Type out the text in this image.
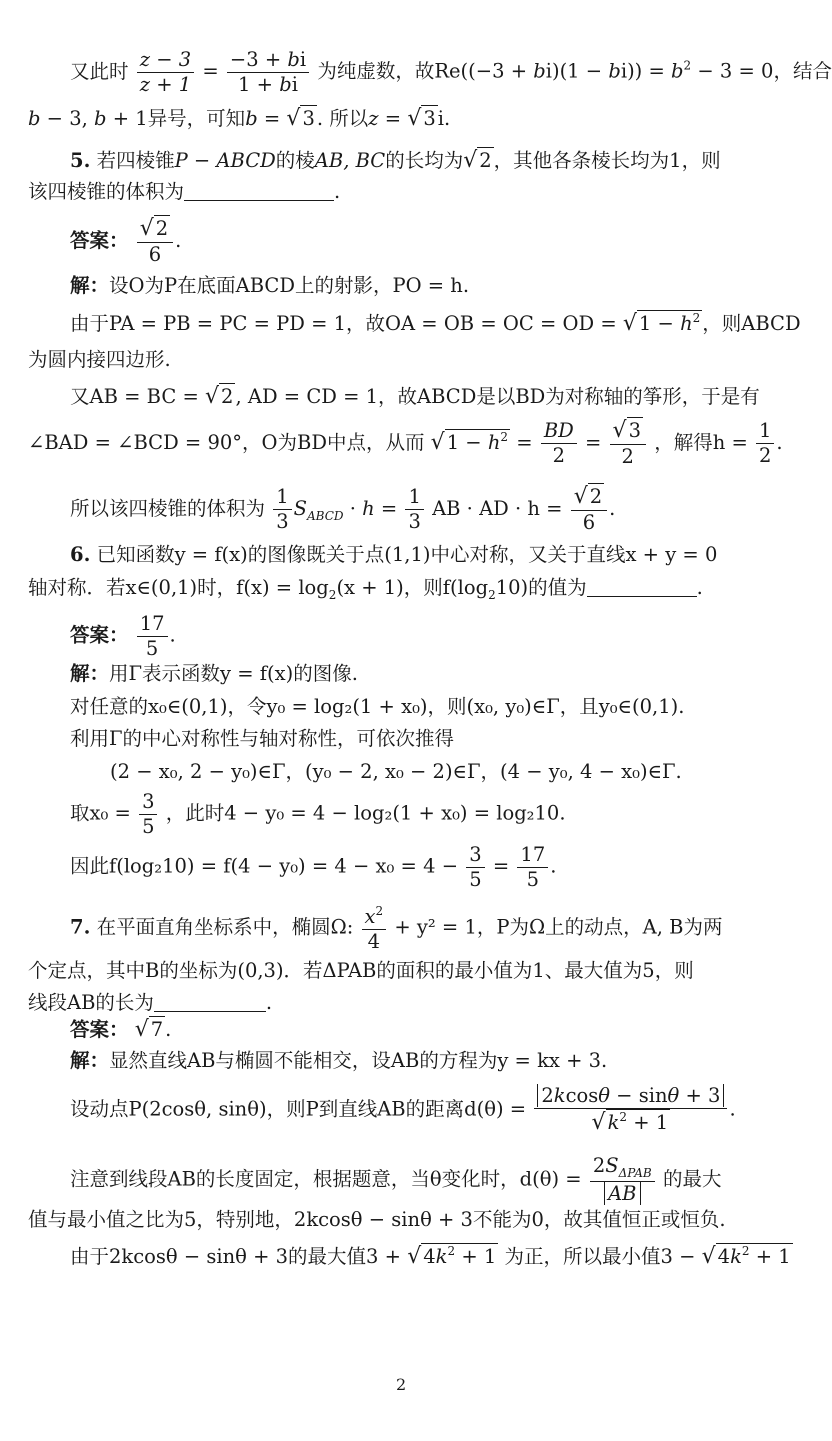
又此时 $\frac{z - 3}{z + 1} = \frac{-3 + bi}{1 + bi}$ 为纯虚数，故$Re((-3 + bi)(1 - bi)) = b^2 - 3 = 0$，结合
b − 3, b + 1异号，可知b = √ 3 . 所以z = √ 3 i.
5. 若四棱锥P − ABCD的棱AB, BC的长均为√ 2 ，其他各条棱长均为1，则
该四棱锥的体积为	.
答案： $\frac{√ 2}{6}$ .
解：设O为P在底面ABCD上的射影，PO = h.
由于PA = PB = PC = PD = 1，故OA = OB = OC = OD = √ $1 - h^2$ ，则ABCD
为圆内接四边形.
又AB = BC = √ 2 , AD = CD = 1，故ABCD是以BD为对称轴的筝形，于是有
∠BAD = ∠BCD = 90°，O为BD中点，从而 √ $1 - h^2 = \frac{BD}{2} = \frac{√ 3}{2}$ ，解得$h = \frac{1}{2}$ .
所以该四棱锥的体积为 $\frac{1}{3} S_{ABCD} \cdot h = \frac{1}{3}$ AB · AD · $h = \frac{√ 2}{6}$ .
6. 已知函数y = f(x)的图像既关于点(1,1)中心对称，又关于直线x + y = 0
轴对称．若x∈(0,1)时，$f(x) = \log_2(x + 1)$，则$f(\log_210)$的值为	.
答案： $\frac{17}{5}$ .
解：用Γ表示函数y = f(x)的图像.
对任意的x₀∈(0,1)，令y₀ = log₂(1 + x₀)，则(x₀, y₀)∈Γ，且y₀∈(0,1).
利用Γ的中心对称性与轴对称性，可依次推得
(2 − x₀, 2 − y₀)∈Γ，(y₀ − 2, x₀ − 2)∈Γ，(4 − y₀, 4 − x₀)∈Γ.
取$x_0 = \frac{3}{5}$ ，此时4 − y₀ = 4 − log₂(1 + x₀) = log₂10.
因此$f(\log_210) = f(4 - y_0) = 4 - x_0 = 4 - \frac{3}{5} = \frac{17}{5}$ .
7. 在平面直角坐标系中，椭圆Ω: $\frac{x^2}{4} + y^2 = 1$，P为Ω上的动点，A, B为两
个定点，其中B的坐标为(0,3)．若ΔPAB的面积的最小值为1、最大值为5，则
线段AB的长为	.
答案： √ 7 .
解：显然直线AB与椭圆不能相交，设AB的方程为y = kx + 3.
设动点P(2cosθ, sinθ)，则P到直线AB的距离$d(\theta) = \frac{2kcos\theta - \sin\theta + 3}{√ k^2 + 1}$ .
注意到线段AB的长度固定，根据题意，当θ变化时，$d(\theta) = \frac{2S_{\Delta PAB}}{AB}$ 的最大
值与最小值之比为5，特别地，2kcosθ − sinθ + 3不能为0，故其值恒正或恒负.
由于2kcosθ − sinθ + 3的最大值3 + √ $4k^2 + 1$ 为正，所以最小值3 − √ $4k^2 + 1$
2
